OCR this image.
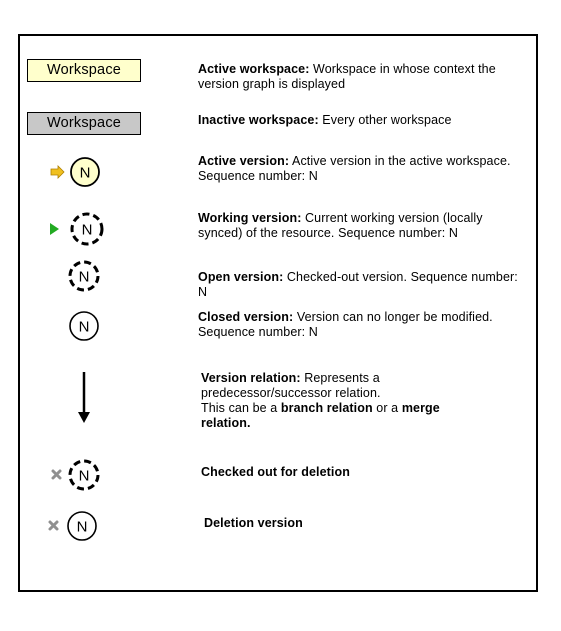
Workspace
Workspace
N
N
N
N
N
N
Active workspace: Workspace in whose context the version graph is displayed
Inactive workspace: Every other workspace
Active version: Active version in the active workspace. Sequence number: N
Working version: Current working version (locally synced) of the resource. Sequence number: N
Open version: Checked-out version. Sequence number: N
Closed version: Version can no longer be modified. Sequence number: N
Version relation: Represents a predecessor/successor relation.
This can be a branch relation or a merge relation.
Checked out for deletion
Deletion version
